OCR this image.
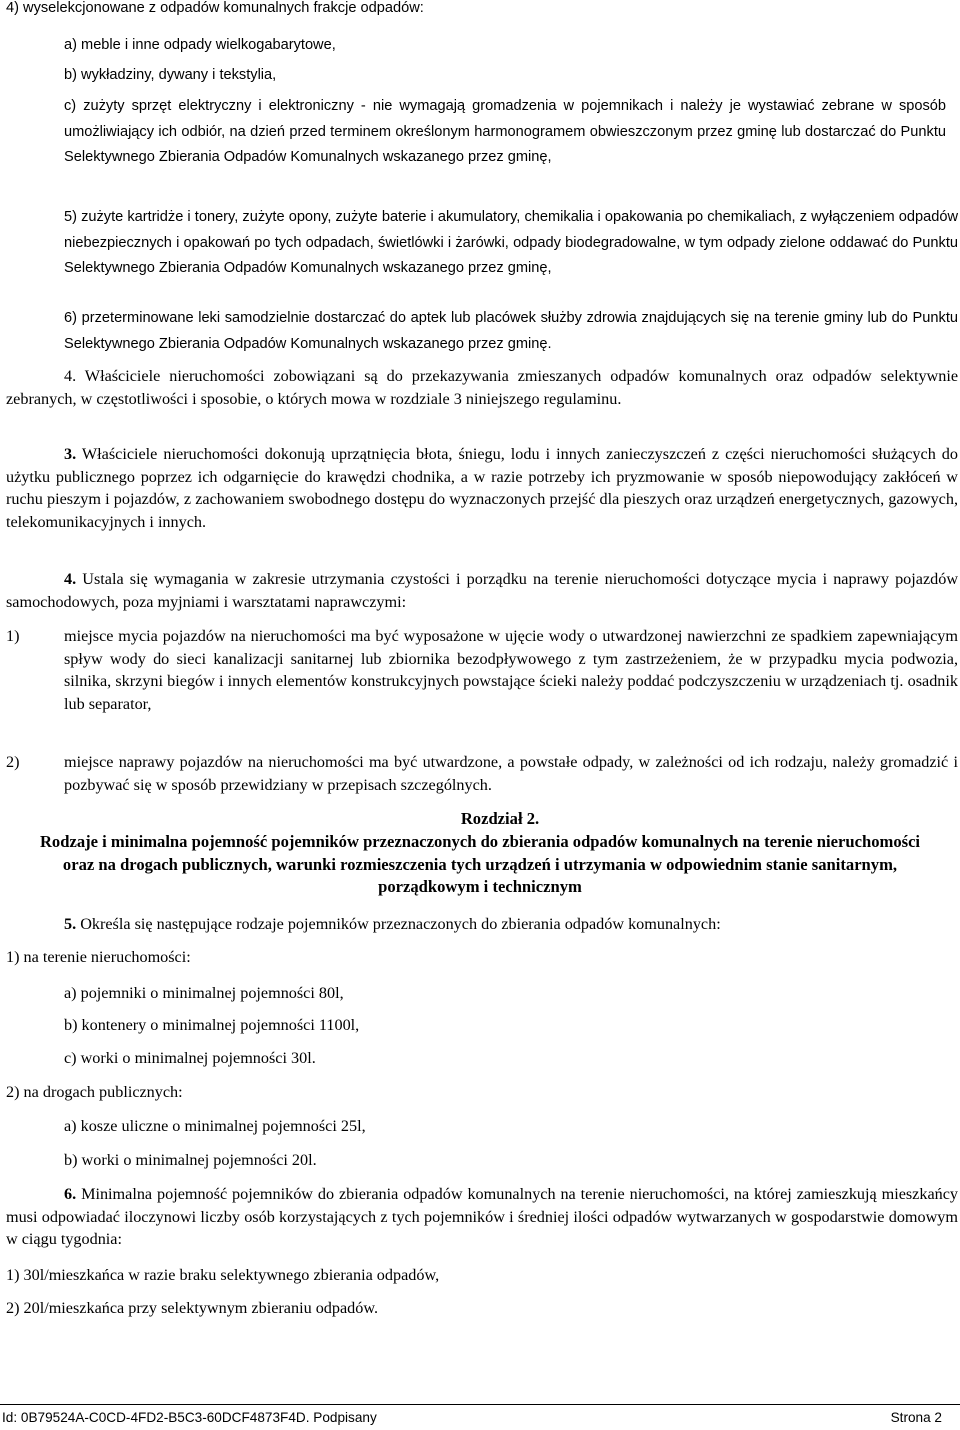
4) wyselekcjonowane z odpadów komunalnych frakcje odpadów:

a) meble i inne odpady wielkogabarytowe,

b) wykładziny, dywany i tekstylia,

c) zużyty sprzęt elektryczny i elektroniczny - nie wymagają gromadzenia w pojemnikach i należy je wystawiać zebrane w sposób umożliwiający ich odbiór, na dzień przed terminem określonym harmonogramem obwieszczonym przez gminę lub dostarczać do Punktu Selektywnego Zbierania Odpadów Komunalnych wskazanego przez gminę,

5) zużyte kartridże i tonery, zużyte opony, zużyte baterie i akumulatory, chemikalia i opakowania po chemikaliach, z wyłączeniem odpadów niebezpiecznych i opakowań po tych odpadach, świetlówki i żarówki, odpady biodegradowalne, w tym odpady zielone oddawać do Punktu Selektywnego Zbierania Odpadów Komunalnych wskazanego przez gminę,

6) przeterminowane leki samodzielnie dostarczać do aptek lub placówek służby zdrowia znajdujących się na terenie gminy lub do Punktu Selektywnego Zbierania Odpadów Komunalnych wskazanego przez gminę.

4. Właściciele nieruchomości zobowiązani są do przekazywania zmieszanych odpadów komunalnych oraz odpadów selektywnie zebranych, w częstotliwości i sposobie, o których mowa w rozdziale 3 niniejszego regulaminu.

3. Właściciele nieruchomości dokonują uprzątnięcia błota, śniegu, lodu i innych zanieczyszczeń z części nieruchomości służących do użytku publicznego poprzez ich odgarnięcie do krawędzi chodnika, a w razie potrzeby ich pryzmowanie w sposób niepowodujący zakłóceń w ruchu pieszym i pojazdów, z zachowaniem swobodnego dostępu do wyznaczonych przejść dla pieszych oraz urządzeń energetycznych, gazowych, telekomunikacyjnych i innych.

4. Ustala się wymagania w zakresie utrzymania czystości i porządku na terenie nieruchomości dotyczące mycia i naprawy pojazdów samochodowych, poza myjniami i warsztatami naprawczymi:

1)	miejsce mycia pojazdów na nieruchomości ma być wyposażone w ujęcie wody o utwardzonej nawierzchni ze spadkiem zapewniającym spływ wody do sieci kanalizacji sanitarnej lub zbiornika bezodpływowego z tym zastrzeżeniem, że w przypadku mycia podwozia, silnika, skrzyni biegów i innych elementów konstrukcyjnych powstające ścieki należy poddać podczyszczeniu w urządzeniach tj. osadnik lub separator,
2)	miejsce naprawy pojazdów na nieruchomości ma być utwardzone, a powstałe odpady, w zależności od ich rodzaju, należy gromadzić i pozbywać się w sposób przewidziany w przepisach szczególnych.

Rozdział 2.

Rodzaje i minimalna pojemność pojemników przeznaczonych do zbierania odpadów komunalnych na terenie nieruchomości oraz na drogach publicznych, warunki rozmieszczenia tych urządzeń i utrzymania w odpowiednim stanie sanitarnym, porządkowym i technicznym

5. Określa się następujące rodzaje pojemników przeznaczonych do zbierania odpadów komunalnych:

1) na terenie nieruchomości:

a) pojemniki o minimalnej pojemności 80l,

b) kontenery o minimalnej pojemności 1100l,

c) worki o minimalnej pojemności 30l.

2) na drogach publicznych:

a) kosze uliczne o minimalnej pojemności 25l,

b) worki o minimalnej pojemności 20l.

6. Minimalna pojemność pojemników do zbierania odpadów komunalnych na terenie nieruchomości, na której zamieszkują mieszkańcy musi odpowiadać iloczynowi liczby osób korzystających z tych pojemników i średniej ilości odpadów wytwarzanych w gospodarstwie domowym w ciągu tygodnia:

1) 30l/mieszkańca w razie braku selektywnego zbierania odpadów,

2) 20l/mieszkańca przy selektywnym zbieraniu odpadów.

Id: 0B79524A-C0CD-4FD2-B5C3-60DCF4873F4D. Podpisany	Strona 2
